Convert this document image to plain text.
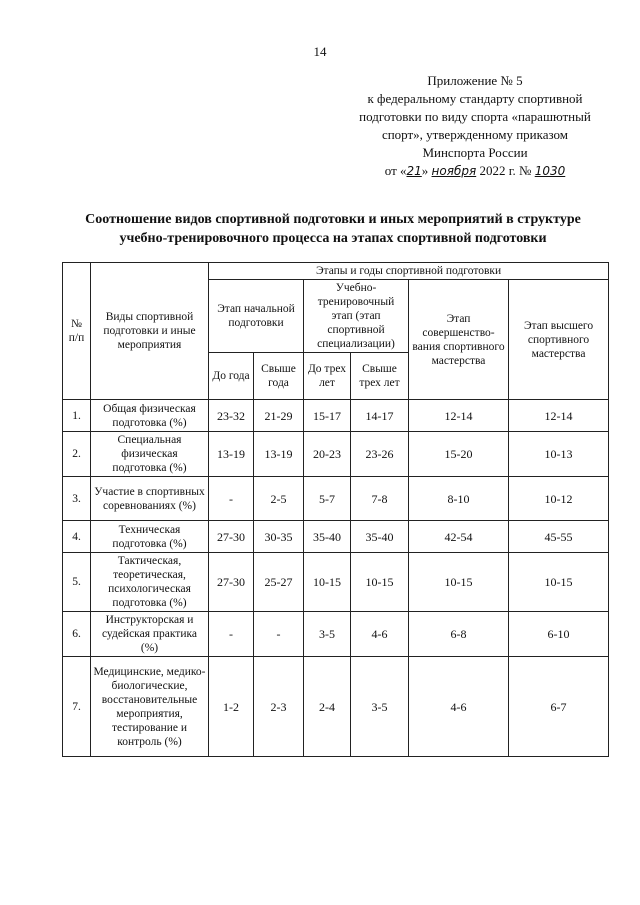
14
Приложение № 5
к федеральному стандарту спортивной
подготовки по виду спорта «парашютный
спорт», утвержденному приказом
Минспорта России
от «21» ноября 2022 г. № 1030
Соотношение видов спортивной подготовки и иных мероприятий в структуре
учебно-тренировочного процесса на этапах спортивной подготовки
№ п/п	Виды спортивной подготовки и иные мероприятия	Этапы и годы спортивной подготовки					
		Этап начальной подготовки		Учебно-тренировочный этап (этап спортивной специализации)		Этап совершенство-вания спортивного мастерства	Этап высшего спортивного мастерства
		До года	Свыше года	До трех лет	Свыше трех лет		
1.	Общая физическая подготовка (%)	23-32	21-29	15-17	14-17	12-14	12-14
2.	Специальная физическая подготовка (%)	13-19	13-19	20-23	23-26	15-20	10-13
3.	Участие в спортивных соревнованиях (%)	-	2-5	5-7	7-8	8-10	10-12
4.	Техническая подготовка (%)	27-30	30-35	35-40	35-40	42-54	45-55
5.	Тактическая, теоретическая, психологическая подготовка (%)	27-30	25-27	10-15	10-15	10-15	10-15
6.	Инструкторская и судейская практика (%)	-	-	3-5	4-6	6-8	6-10
7.	Медицинские, медико-биологические, восстановительные мероприятия, тестирование и контроль (%)	1-2	2-3	2-4	3-5	4-6	6-7
